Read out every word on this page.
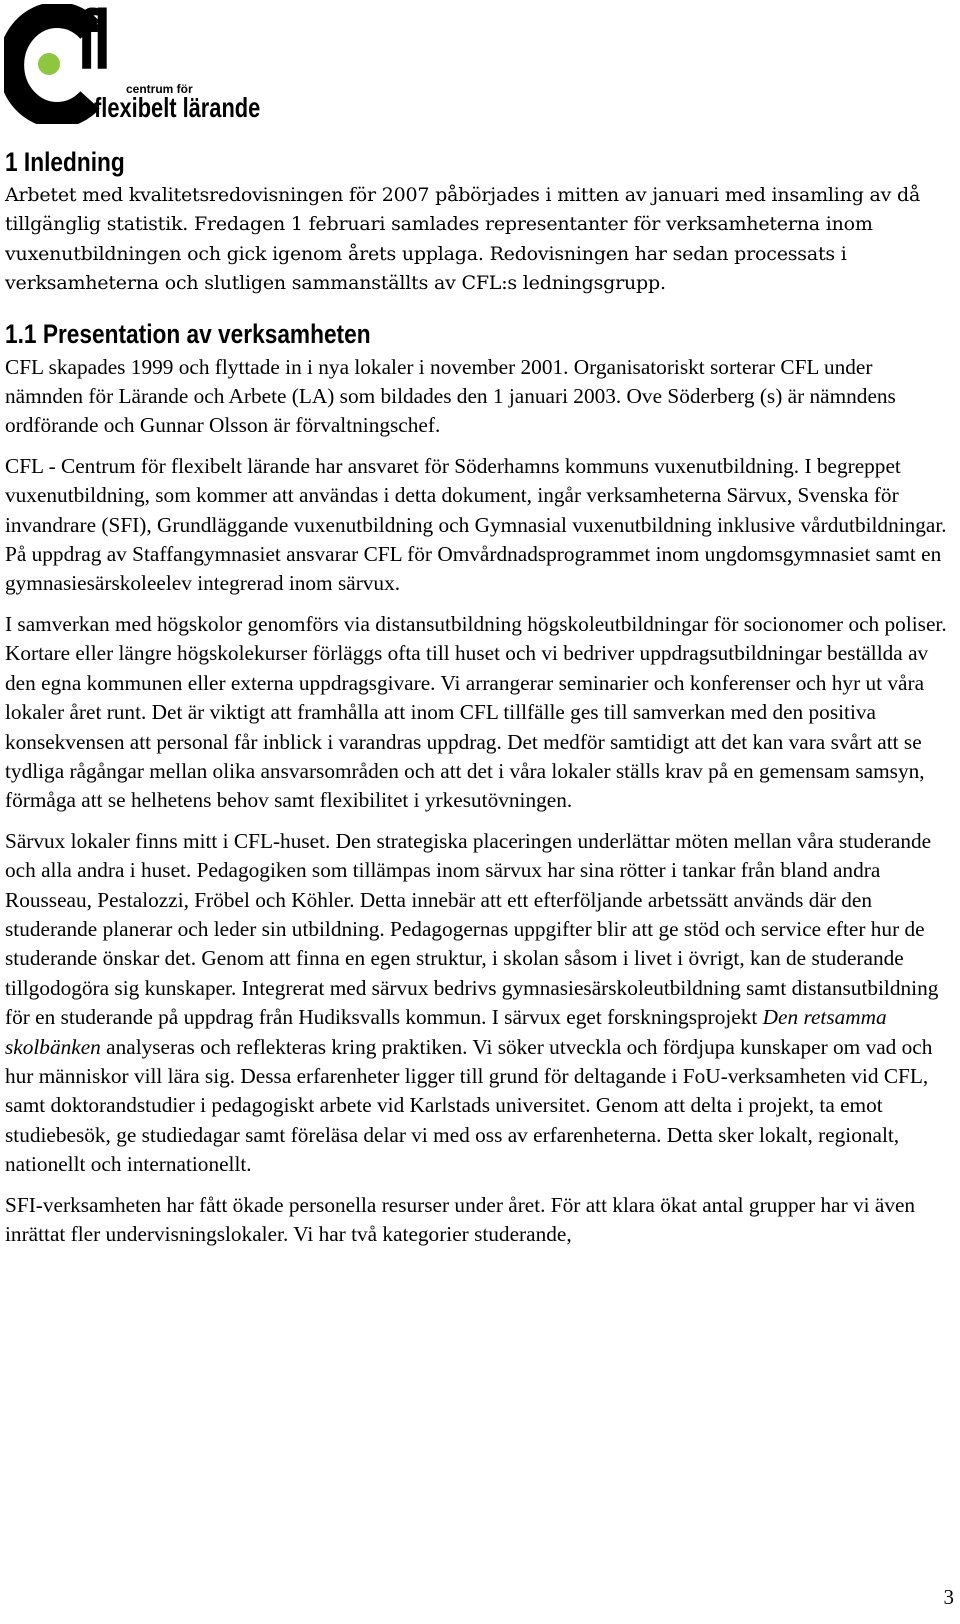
fl
centrum för
flexibelt lärande
1 Inledning

Arbetet med kvalitetsredovisningen för 2007 påbörjades i mitten av januari med insamling av då tillgänglig statistik. Fredagen 1 februari samlades representanter för verksamheterna inom vuxenutbildningen och gick igenom årets upplaga. Redovisningen har sedan processats i verksamheterna och slutligen sammanställts av CFL:s ledningsgrupp.

1.1 Presentation av verksamheten

CFL skapades 1999 och flyttade in i nya lokaler i november 2001. Organisatoriskt sorterar CFL under nämnden för Lärande och Arbete (LA) som bildades den 1 januari 2003. Ove Söderberg (s) är nämndens ordförande och Gunnar Olsson är förvaltningschef.

CFL - Centrum för flexibelt lärande har ansvaret för Söderhamns kommuns vuxenutbildning. I begreppet vuxenutbildning, som kommer att användas i detta dokument, ingår verksamheterna Särvux, Svenska för invandrare (SFI), Grundläggande vuxenutbildning och Gymnasial vuxenutbildning inklusive vårdutbildningar. På uppdrag av Staffangymnasiet ansvarar CFL för Omvårdnadsprogrammet inom ungdomsgymnasiet samt en gymnasiesärskoleelev integrerad inom särvux.

I samverkan med högskolor genomförs via distansutbildning högskoleutbildningar för socionomer och poliser. Kortare eller längre högskolekurser förläggs ofta till huset och vi bedriver uppdragsutbildningar beställda av den egna kommunen eller externa uppdragsgivare. Vi arrangerar seminarier och konferenser och hyr ut våra lokaler året runt. Det är viktigt att framhålla att inom CFL tillfälle ges till samverkan med den positiva konsekvensen att personal får inblick i varandras uppdrag. Det medför samtidigt att det kan vara svårt att se tydliga rågångar mellan olika ansvarsområden och att det i våra lokaler ställs krav på en gemensam samsyn, förmåga att se helhetens behov samt flexibilitet i yrkesutövningen.

Särvux lokaler finns mitt i CFL-huset. Den strategiska placeringen underlättar möten mellan våra studerande och alla andra i huset. Pedagogiken som tillämpas inom särvux har sina rötter i tankar från bland andra Rousseau, Pestalozzi, Fröbel och Köhler. Detta innebär att ett efterföljande arbetssätt används där den studerande planerar och leder sin utbildning. Pedagogernas uppgifter blir att ge stöd och service efter hur de studerande önskar det. Genom att finna en egen struktur, i skolan såsom i livet i övrigt, kan de studerande tillgodogöra sig kunskaper. Integrerat med särvux bedrivs gymnasiesärskoleutbildning samt distansutbildning för en studerande på uppdrag från Hudiksvalls kommun. I särvux eget forskningsprojekt Den retsamma skolbänken analyseras och reflekteras kring praktiken. Vi söker utveckla och fördjupa kunskaper om vad och hur människor vill lära sig. Dessa erfarenheter ligger till grund för deltagande i FoU-verksamheten vid CFL, samt doktorandstudier i pedagogiskt arbete vid Karlstads universitet. Genom att delta i projekt, ta emot studiebesök, ge studiedagar samt föreläsa delar vi med oss av erfarenheterna. Detta sker lokalt, regionalt, nationellt och internationellt.

SFI-verksamheten har fått ökade personella resurser under året. För att klara ökat antal grupper har vi även inrättat fler undervisningslokaler. Vi har två kategorier studerande,

3
